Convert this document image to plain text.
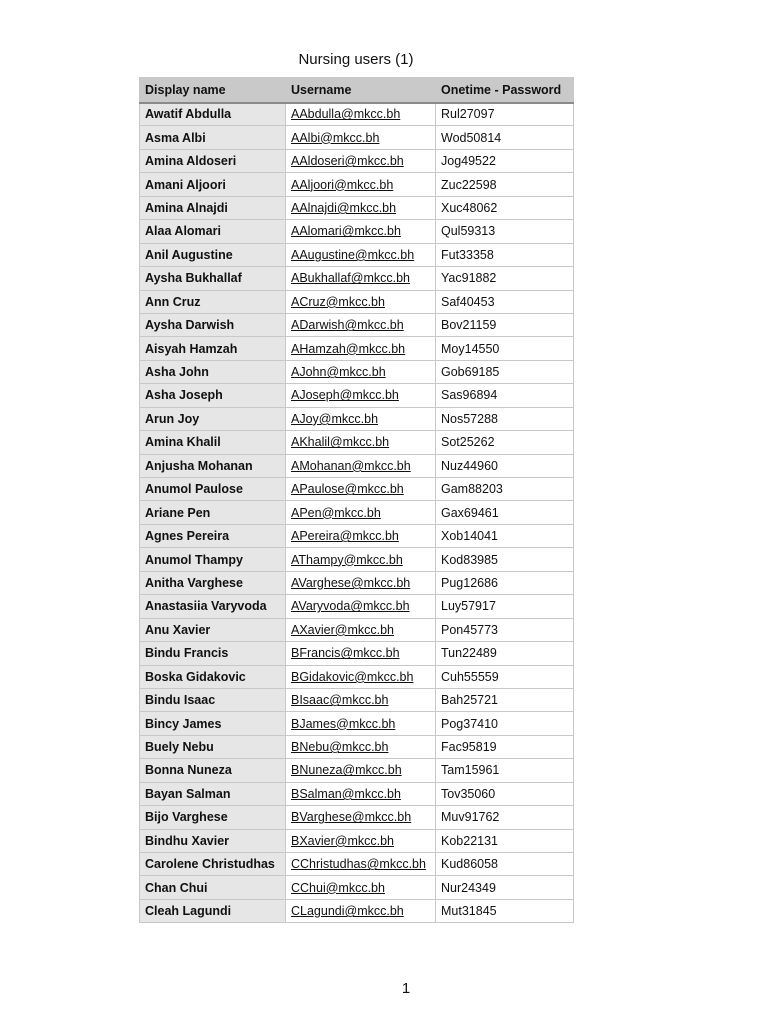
Nursing users (1)
Display name	Username	Onetime - Password
Awatif Abdulla	AAbdulla@mkcc.bh	Rul27097
Asma Albi	AAlbi@mkcc.bh	Wod50814
Amina Aldoseri	AAldoseri@mkcc.bh	Jog49522
Amani Aljoori	AAljoori@mkcc.bh	Zuc22598
Amina Alnajdi	AAlnajdi@mkcc.bh	Xuc48062
Alaa Alomari	AAlomari@mkcc.bh	Qul59313
Anil Augustine	AAugustine@mkcc.bh	Fut33358
Aysha Bukhallaf	ABukhallaf@mkcc.bh	Yac91882
Ann Cruz	ACruz@mkcc.bh	Saf40453
Aysha Darwish	ADarwish@mkcc.bh	Bov21159
Aisyah Hamzah	AHamzah@mkcc.bh	Moy14550
Asha John	AJohn@mkcc.bh	Gob69185
Asha Joseph	AJoseph@mkcc.bh	Sas96894
Arun Joy	AJoy@mkcc.bh	Nos57288
Amina Khalil	AKhalil@mkcc.bh	Sot25262
Anjusha Mohanan	AMohanan@mkcc.bh	Nuz44960
Anumol Paulose	APaulose@mkcc.bh	Gam88203
Ariane Pen	APen@mkcc.bh	Gax69461
Agnes Pereira	APereira@mkcc.bh	Xob14041
Anumol Thampy	AThampy@mkcc.bh	Kod83985
Anitha Varghese	AVarghese@mkcc.bh	Pug12686
Anastasiia Varyvoda	AVaryvoda@mkcc.bh	Luy57917
Anu Xavier	AXavier@mkcc.bh	Pon45773
Bindu Francis	BFrancis@mkcc.bh	Tun22489
Boska Gidakovic	BGidakovic@mkcc.bh	Cuh55559
Bindu Isaac	BIsaac@mkcc.bh	Bah25721
Bincy James	BJames@mkcc.bh	Pog37410
Buely Nebu	BNebu@mkcc.bh	Fac95819
Bonna Nuneza	BNuneza@mkcc.bh	Tam15961
Bayan Salman	BSalman@mkcc.bh	Tov35060
Bijo Varghese	BVarghese@mkcc.bh	Muv91762
Bindhu Xavier	BXavier@mkcc.bh	Kob22131
Carolene Christudhas	CChristudhas@mkcc.bh	Kud86058
Chan Chui	CChui@mkcc.bh	Nur24349
Cleah Lagundi	CLagundi@mkcc.bh	Mut31845
1
